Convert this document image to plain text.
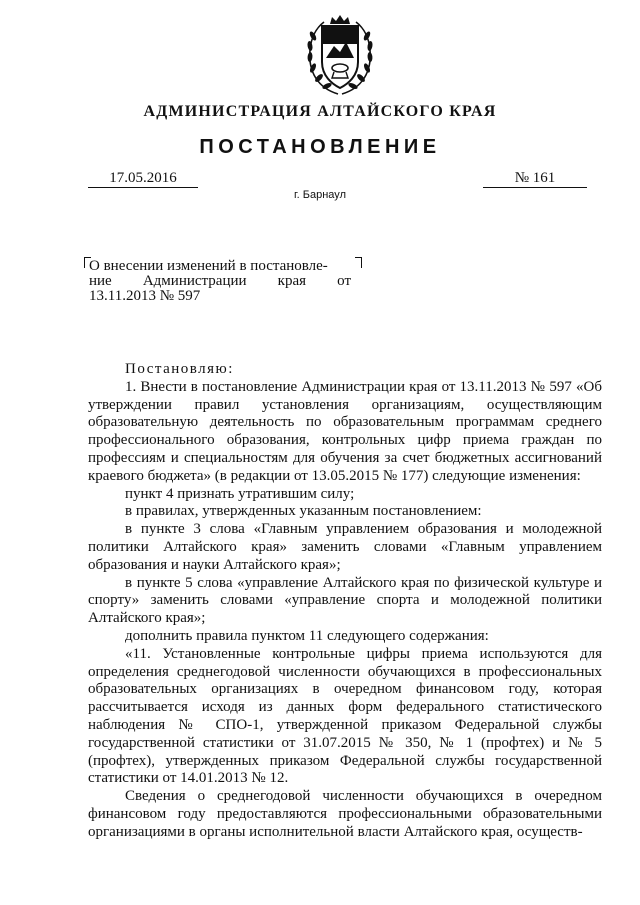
АДМИНИСТРАЦИЯ АЛТАЙСКОГО КРАЯ
ПОСТАНОВЛЕНИЕ
17.05.2016	№ 161
г. Барнаул
О внесении изменений в постановле-
ние Администрации края от
13.11.2013 № 597

Постановляю:

1. Внести в постановление Администрации края от 13.11.2013 № 597 «Об утверждении правил установления организациям, осуществляющим образовательную деятельность по образовательным программам среднего профессионального образования, контрольных цифр приема граждан по профессиям и специальностям для обучения за счет бюджетных ассигнований краевого бюджета» (в редакции от 13.05.2015 № 177) следующие изменения:

пункт 4 признать утратившим силу;

в правилах, утвержденных указанным постановлением:

в пункте 3 слова «Главным управлением образования и молодежной политики Алтайского края» заменить словами «Главным управлением образования и науки Алтайского края»;

в пункте 5 слова «управление Алтайского края по физической культуре и спорту» заменить словами «управление спорта и молодежной политики Алтайского края»;

дополнить правила пунктом 11 следующего содержания:

«11. Установленные контрольные цифры приема используются для определения среднегодовой численности обучающихся в профессиональных образовательных организациях в очередном финансовом году, которая рассчитывается исходя из данных форм федерального статистического наблюдения № СПО-1, утвержденной приказом Федеральной службы государственной статистики от 31.07.2015 № 350, № 1 (профтех) и № 5 (профтех), утвержденных приказом Федеральной службы государственной статистики от 14.01.2013 № 12.

Сведения о среднегодовой численности обучающихся в очередном финансовом году предоставляются профессиональными образовательными организациями в органы исполнительной власти Алтайского края, осуществ-
